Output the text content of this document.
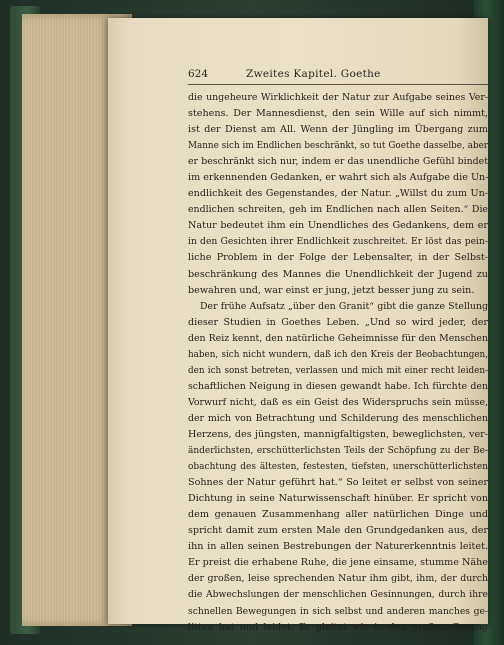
624	Zweites Kapitel. Goethe
die ungeheure Wirklichkeit der Natur zur Aufgabe seines Ver-
stehens. Der Mannesdienst, den sein Wille auf sich nimmt,
ist der Dienst am All. Wenn der Jüngling im Übergang zum
Manne sich im Endlichen beschränkt, so tut Goethe dasselbe, aber
er beschränkt sich nur, indem er das unendliche Gefühl bindet
im erkennenden Gedanken, er wahrt sich als Aufgabe die Un-
endlichkeit des Gegenstandes, der Natur. „Willst du zum Un-
endlichen schreiten, geh im Endlichen nach allen Seiten.“ Die
Natur bedeutet ihm ein Unendliches des Gedankens, dem er
in den Gesichten ihrer Endlichkeit zuschreitet. Er löst das pein-
liche Problem in der Folge der Lebensalter, in der Selbst-
beschränkung des Mannes die Unendlichkeit der Jugend zu
bewahren und, war einst er jung, jetzt besser jung zu sein.
Der frühe Aufsatz „über den Granit“ gibt die ganze Stellung
dieser Studien in Goethes Leben. „Und so wird jeder, der
den Reiz kennt, den natürliche Geheimnisse für den Menschen
haben, sich nicht wundern, daß ich den Kreis der Beobachtungen,
den ich sonst betreten, verlassen und mich mit einer recht leiden-
schaftlichen Neigung in diesen gewandt habe. Ich fürchte den
Vorwurf nicht, daß es ein Geist des Widerspruchs sein müsse,
der mich von Betrachtung und Schilderung des menschlichen
Herzens, des jüngsten, mannigfaltigsten, beweglichsten, ver-
änderlichsten, erschütterlichsten Teils der Schöpfung zu der Be-
obachtung des ältesten, festesten, tiefsten, unerschütterlichsten
Sohnes der Natur geführt hat.“ So leitet er selbst von seiner
Dichtung in seine Naturwissenschaft hinüber. Er spricht von
dem genauen Zusammenhang aller natürlichen Dinge und
spricht damit zum ersten Male den Grundgedanken aus, der
ihn in allen seinen Bestrebungen der Naturerkenntnis leitet.
Er preist die erhabene Ruhe, die jene einsame, stumme Nähe
der großen, leise sprechenden Natur ihm gibt, ihm, der durch
die Abwechslungen der menschlichen Gesinnungen, durch ihre
schnellen Bewegungen in sich selbst und anderen manches ge-
litten hat und leidet. Er gleitet wie in den großen Gesang
